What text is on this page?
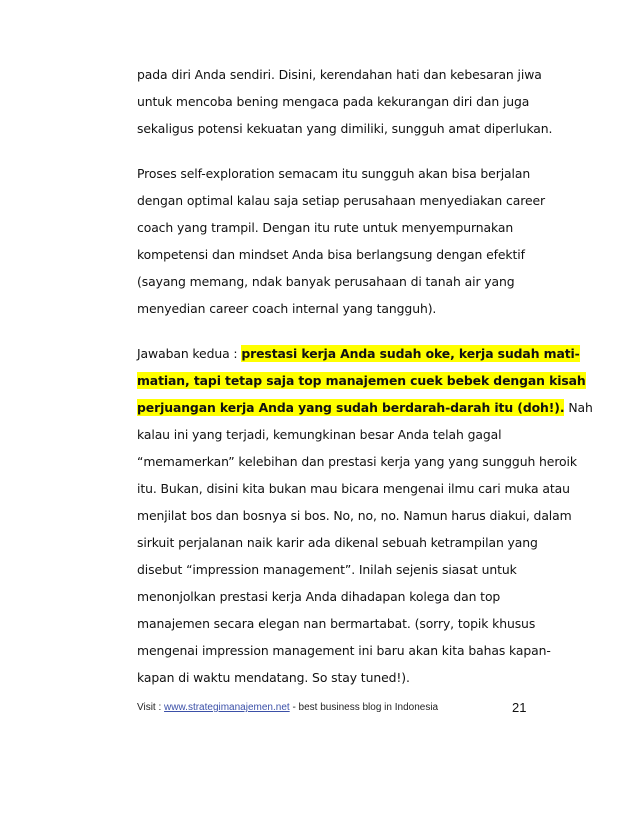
pada diri Anda sendiri. Disini, kerendahan hati dan kebesaran jiwa
untuk mencoba bening mengaca pada kekurangan diri dan juga
sekaligus potensi kekuatan yang dimiliki, sungguh amat diperlukan.
Proses self-exploration semacam itu sungguh akan bisa berjalan
dengan optimal kalau saja setiap perusahaan menyediakan career
coach yang trampil. Dengan itu rute untuk menyempurnakan
kompetensi dan mindset Anda bisa berlangsung dengan efektif
(sayang memang, ndak banyak perusahaan di tanah air yang
menyedian career coach internal yang tangguh).
Jawaban kedua : prestasi kerja Anda sudah oke, kerja sudah mati-
matian, tapi tetap saja top manajemen cuek bebek dengan kisah
perjuangan kerja Anda yang sudah berdarah-darah itu (doh!). Nah
kalau ini yang terjadi, kemungkinan besar Anda telah gagal
“memamerkan” kelebihan dan prestasi kerja yang yang sungguh heroik
itu. Bukan, disini kita bukan mau bicara mengenai ilmu cari muka atau
menjilat bos dan bosnya si bos. No, no, no. Namun harus diakui, dalam
sirkuit perjalanan naik karir ada dikenal sebuah ketrampilan yang
disebut “impression management”. Inilah sejenis siasat untuk
menonjolkan prestasi kerja Anda dihadapan kolega dan top
manajemen secara elegan nan bermartabat. (sorry, topik khusus
mengenai impression management ini baru akan kita bahas kapan-
kapan di waktu mendatang. So stay tuned!).
Visit : www.strategimanajemen.net - best business blog in Indonesia	21
